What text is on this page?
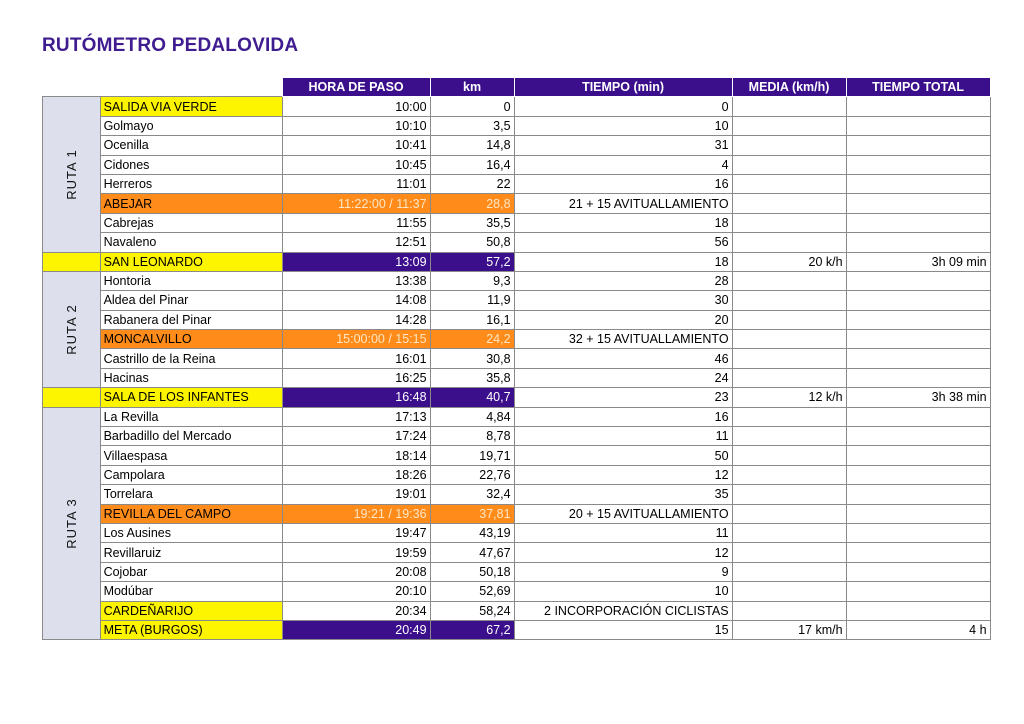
RUTÓMETRO PEDALOVIDA
		HORA DE PASO	km	TIEMPO (min)	MEDIA (km/h)	TIEMPO TOTAL
RUTA 1	SALIDA VIA VERDE	10:00	0	0		
	Golmayo	10:10	3,5	10		
	Ocenilla	10:41	14,8	31		
	Cidones	10:45	16,4	4		
	Herreros	11:01	22	16		
	ABEJAR	11:22:00 / 11:37	28,8	21 + 15 AVITUALLAMIENTO		
	Cabrejas	11:55	35,5	18		
	Navaleno	12:51	50,8	56		
	SAN LEONARDO	13:09	57,2	18	20 k/h	3h 09 min
RUTA 2	Hontoria	13:38	9,3	28		
	Aldea del Pinar	14:08	11,9	30		
	Rabanera del Pinar	14:28	16,1	20		
	MONCALVILLO	15:00:00 / 15:15	24,2	32 + 15 AVITUALLAMIENTO		
	Castrillo de la Reina	16:01	30,8	46		
	Hacinas	16:25	35,8	24		
	SALA DE LOS INFANTES	16:48	40,7	23	12 k/h	3h 38 min
RUTA 3	La Revilla	17:13	4,84	16		
	Barbadillo del Mercado	17:24	8,78	11		
	Villaespasa	18:14	19,71	50		
	Campolara	18:26	22,76	12		
	Torrelara	19:01	32,4	35		
	REVILLA DEL CAMPO	19:21 / 19:36	37,81	20 + 15 AVITUALLAMIENTO		
	Los Ausines	19:47	43,19	11		
	Revillaruiz	19:59	47,67	12		
	Cojobar	20:08	50,18	9		
	Modúbar	20:10	52,69	10		
	CARDEÑARIJO	20:34	58,24	2 INCORPORACIÓN CICLISTAS		
	META (BURGOS)	20:49	67,2	15	17 km/h	4 h
